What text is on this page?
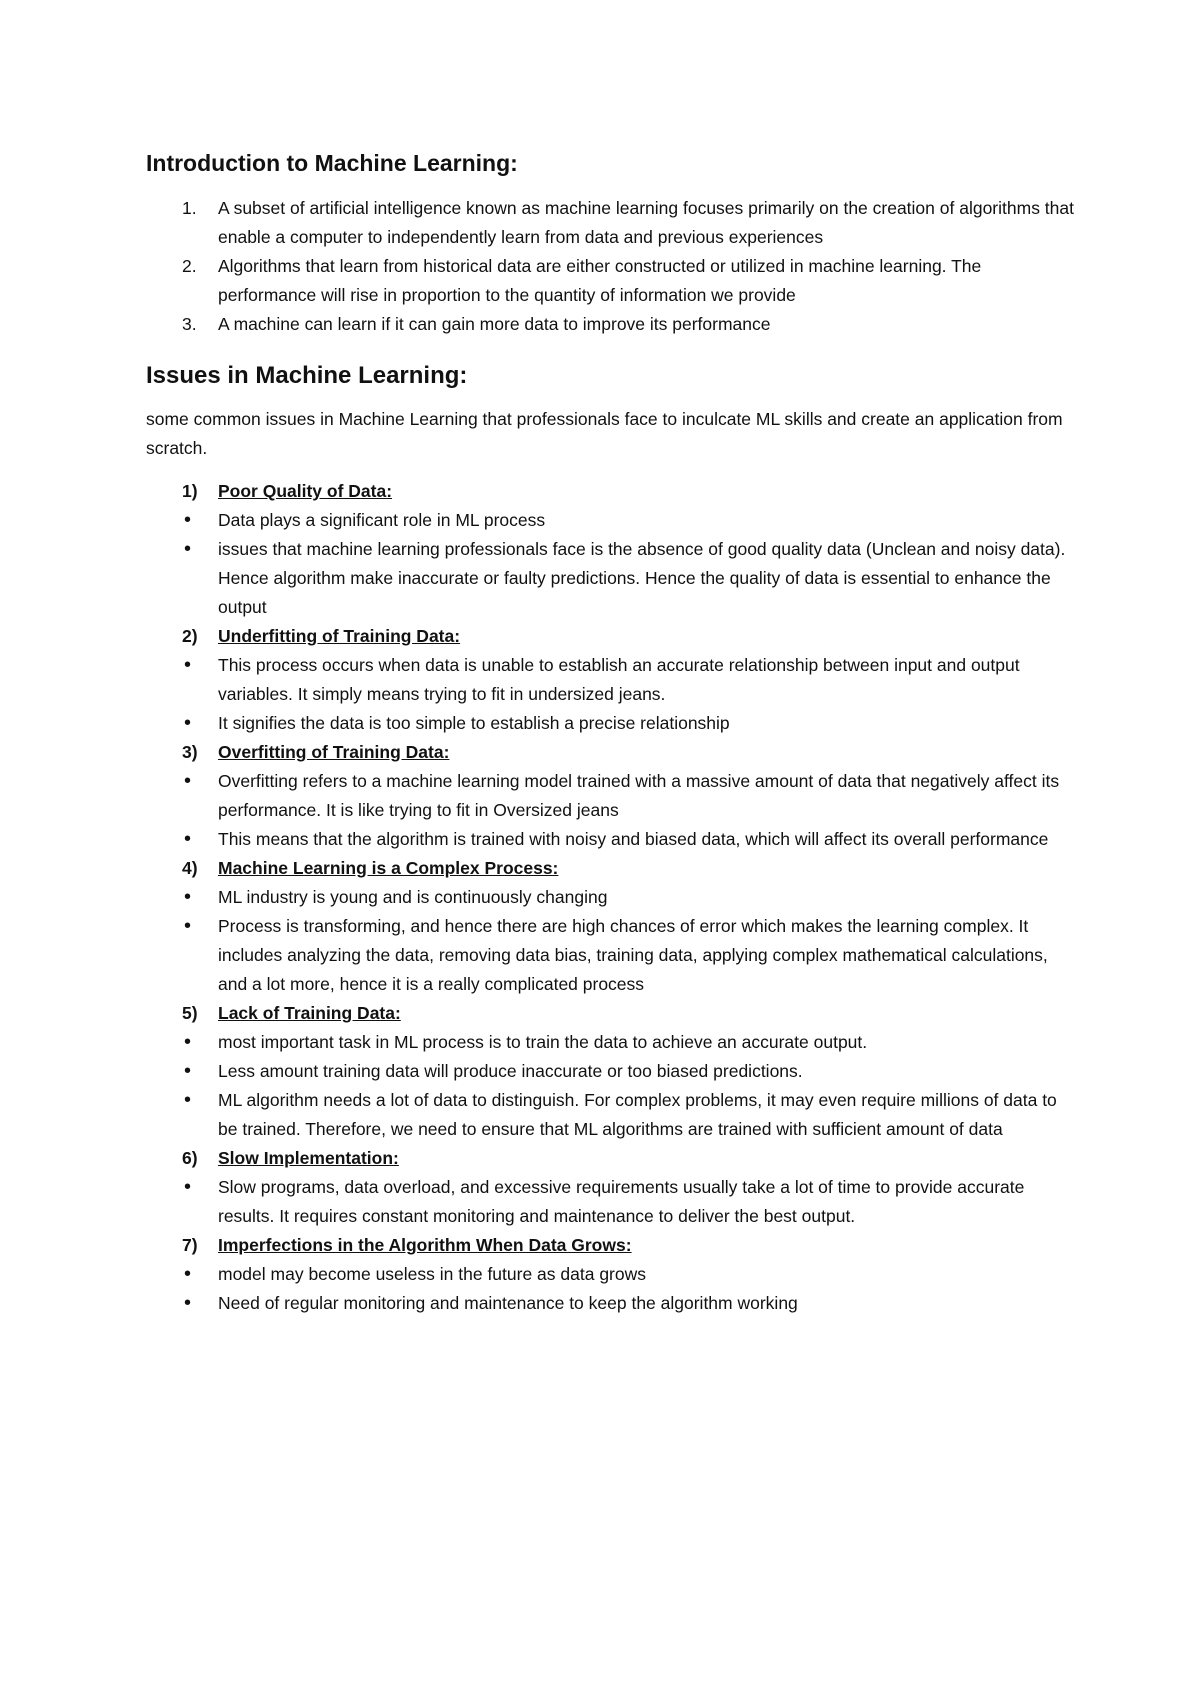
Introduction to Machine Learning:
1. A subset of artificial intelligence known as machine learning focuses primarily on the creation of algorithms that enable a computer to independently learn from data and previous experiences
2. Algorithms that learn from historical data are either constructed or utilized in machine learning. The performance will rise in proportion to the quantity of information we provide
3. A machine can learn if it can gain more data to improve its performance
Issues in Machine Learning:

some common issues in Machine Learning that professionals face to inculcate ML skills and create an application from scratch.

1) Poor Quality of Data:
• Data plays a significant role in ML process
• issues that machine learning professionals face is the absence of good quality data (Unclean and noisy data). Hence algorithm make inaccurate or faulty predictions. Hence the quality of data is essential to enhance the output
2) Underfitting of Training Data:
• This process occurs when data is unable to establish an accurate relationship between input and output variables. It simply means trying to fit in undersized jeans.
• It signifies the data is too simple to establish a precise relationship
3) Overfitting of Training Data:
• Overfitting refers to a machine learning model trained with a massive amount of data that negatively affect its performance. It is like trying to fit in Oversized jeans
• This means that the algorithm is trained with noisy and biased data, which will affect its overall performance
4) Machine Learning is a Complex Process:
• ML industry is young and is continuously changing
• Process is transforming, and hence there are high chances of error which makes the learning complex. It includes analyzing the data, removing data bias, training data, applying complex mathematical calculations, and a lot more, hence it is a really complicated process
5) Lack of Training Data:
• most important task in ML process is to train the data to achieve an accurate output.
• Less amount training data will produce inaccurate or too biased predictions.
• ML algorithm needs a lot of data to distinguish. For complex problems, it may even require millions of data to be trained. Therefore, we need to ensure that ML algorithms are trained with sufficient amount of data
6) Slow Implementation:
• Slow programs, data overload, and excessive requirements usually take a lot of time to provide accurate results. It requires constant monitoring and maintenance to deliver the best output.
7) Imperfections in the Algorithm When Data Grows:
• model may become useless in the future as data grows
• Need of regular monitoring and maintenance to keep the algorithm working
